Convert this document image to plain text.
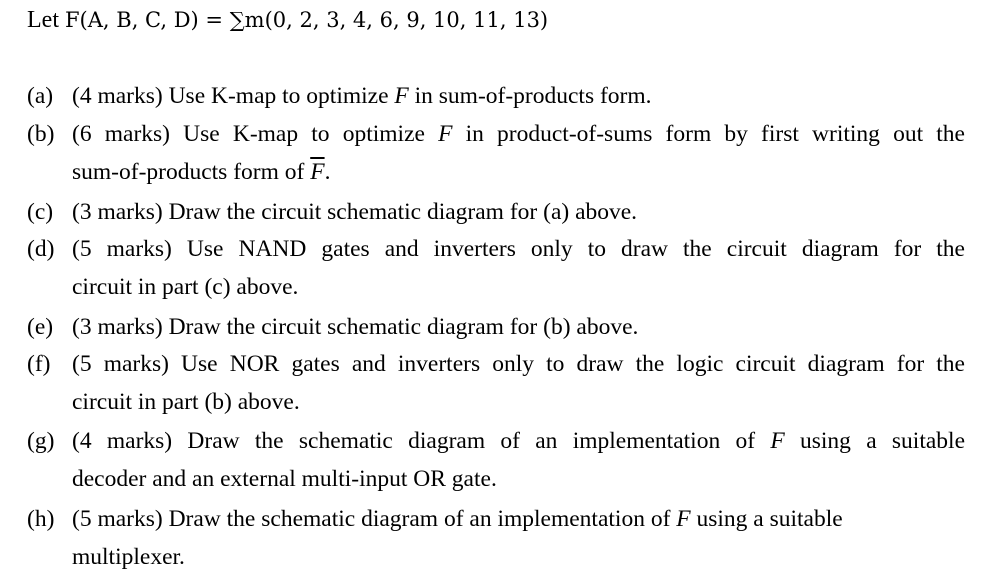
Let F(A, B, C, D) = ∑m(0, 2, 3, 4, 6, 9, 10, 11, 13)
(a) (4 marks) Use K-map to optimize F in sum-of-products form.
(b) (6 marks) Use K-map to optimize F in product-of-sums form by first writing out the
sum-of-products form of $\overline{F}$.
(c) (3 marks) Draw the circuit schematic diagram for (a) above.
(d) (5 marks) Use NAND gates and inverters only to draw the circuit diagram for the
circuit in part (c) above.
(e) (3 marks) Draw the circuit schematic diagram for (b) above.
(f) (5 marks) Use NOR gates and inverters only to draw the logic circuit diagram for the
circuit in part (b) above.
(g) (4 marks) Draw the schematic diagram of an implementation of F using a suitable
decoder and an external multi-input OR gate.
(h) (5 marks) Draw the schematic diagram of an implementation of F using a suitable
multiplexer.
